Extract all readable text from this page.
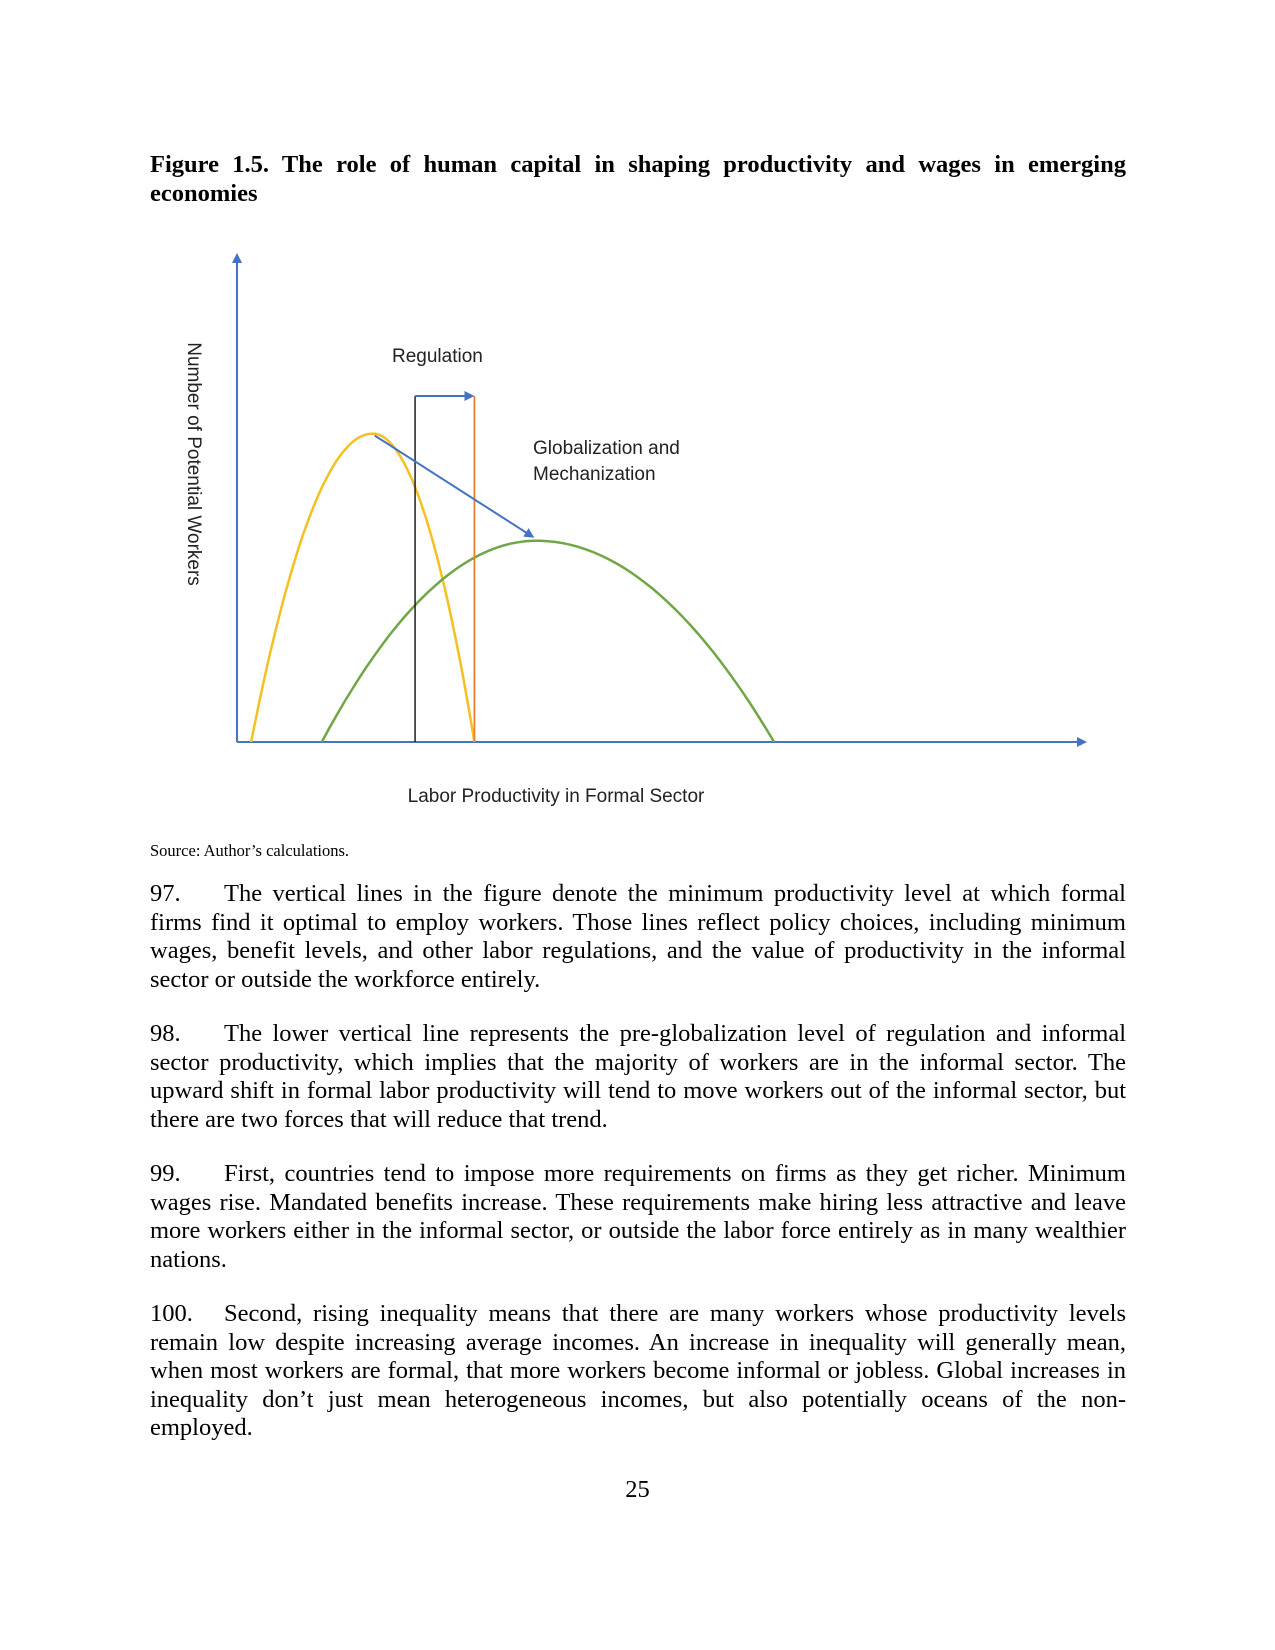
Figure 1.5. The role of human capital in shaping productivity and wages in emerging economies

Regulation
Globalization and
Mechanization
Labor Productivity in Formal Sector
Number of Potential Workers

Source: Author’s calculations.

97. The vertical lines in the figure denote the minimum productivity level at which formal firms find it optimal to employ workers. Those lines reflect policy choices, including minimum wages, benefit levels, and other labor regulations, and the value of productivity in the informal sector or outside the workforce entirely.

98. The lower vertical line represents the pre-globalization level of regulation and informal sector productivity, which implies that the majority of workers are in the informal sector. The upward shift in formal labor productivity will tend to move workers out of the informal sector, but there are two forces that will reduce that trend.

99. First, countries tend to impose more requirements on firms as they get richer. Minimum wages rise. Mandated benefits increase. These requirements make hiring less attractive and leave more workers either in the informal sector, or outside the labor force entirely as in many wealthier nations.

100. Second, rising inequality means that there are many workers whose productivity levels remain low despite increasing average incomes. An increase in inequality will generally mean, when most workers are formal, that more workers become informal or jobless. Global increases in inequality don’t just mean heterogeneous incomes, but also potentially oceans of the non-employed.

25
